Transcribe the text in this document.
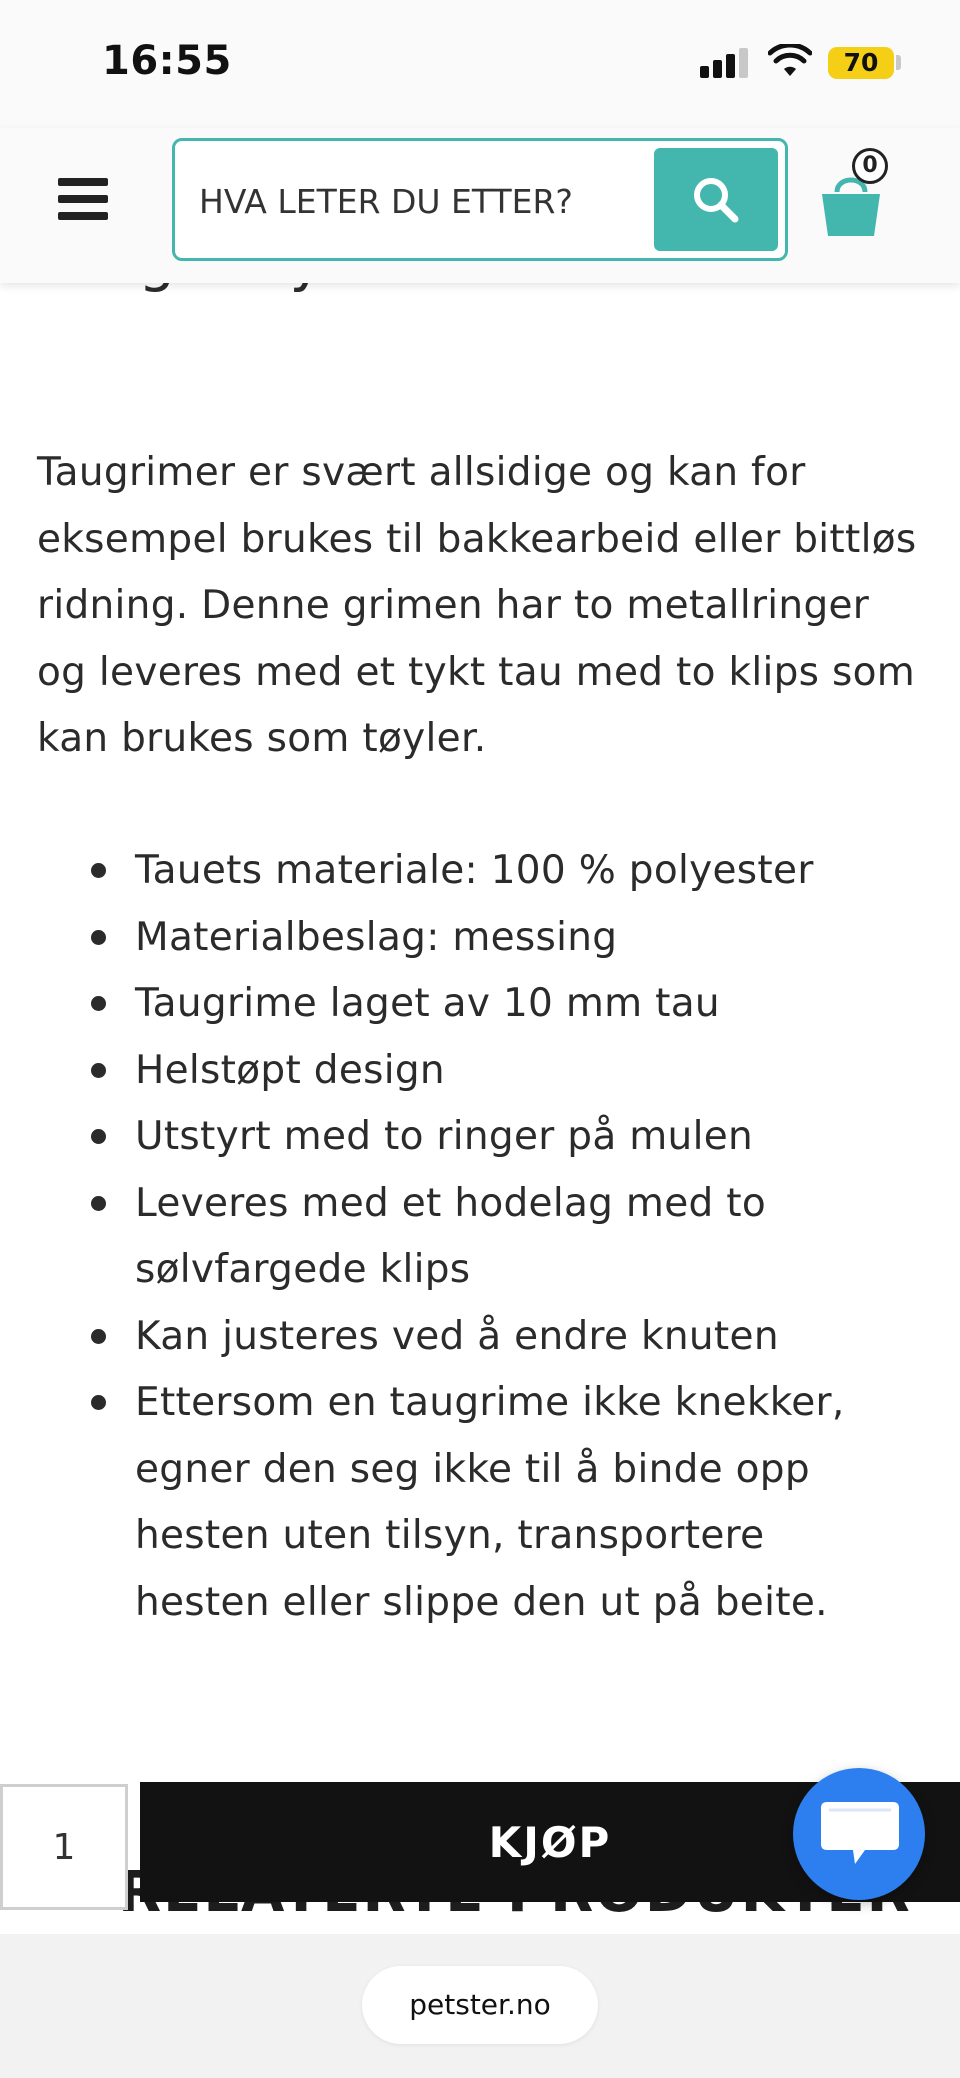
16:55	70
HVA LETER DU ETTER?
0

Taugrimer er svært allsidige og kan for eksempel brukes til bakkearbeid eller bittløs ridning. Denne grimen har to metallringer og leveres med et tykt tau med to klips som kan brukes som tøyler.

Tauets materiale: 100 % polyester
Materialbeslag: messing
Taugrime laget av 10 mm tau
Helstøpt design
Utstyrt med to ringer på mulen
Leveres med et hodelag med to sølvfargede klips
Kan justeres ved å endre knuten
Ettersom en taugrime ikke knekker, egner den seg ikke til å binde opp hesten uten tilsyn, transportere hesten eller slippe den ut på beite.
1
KJØP
petster.no
